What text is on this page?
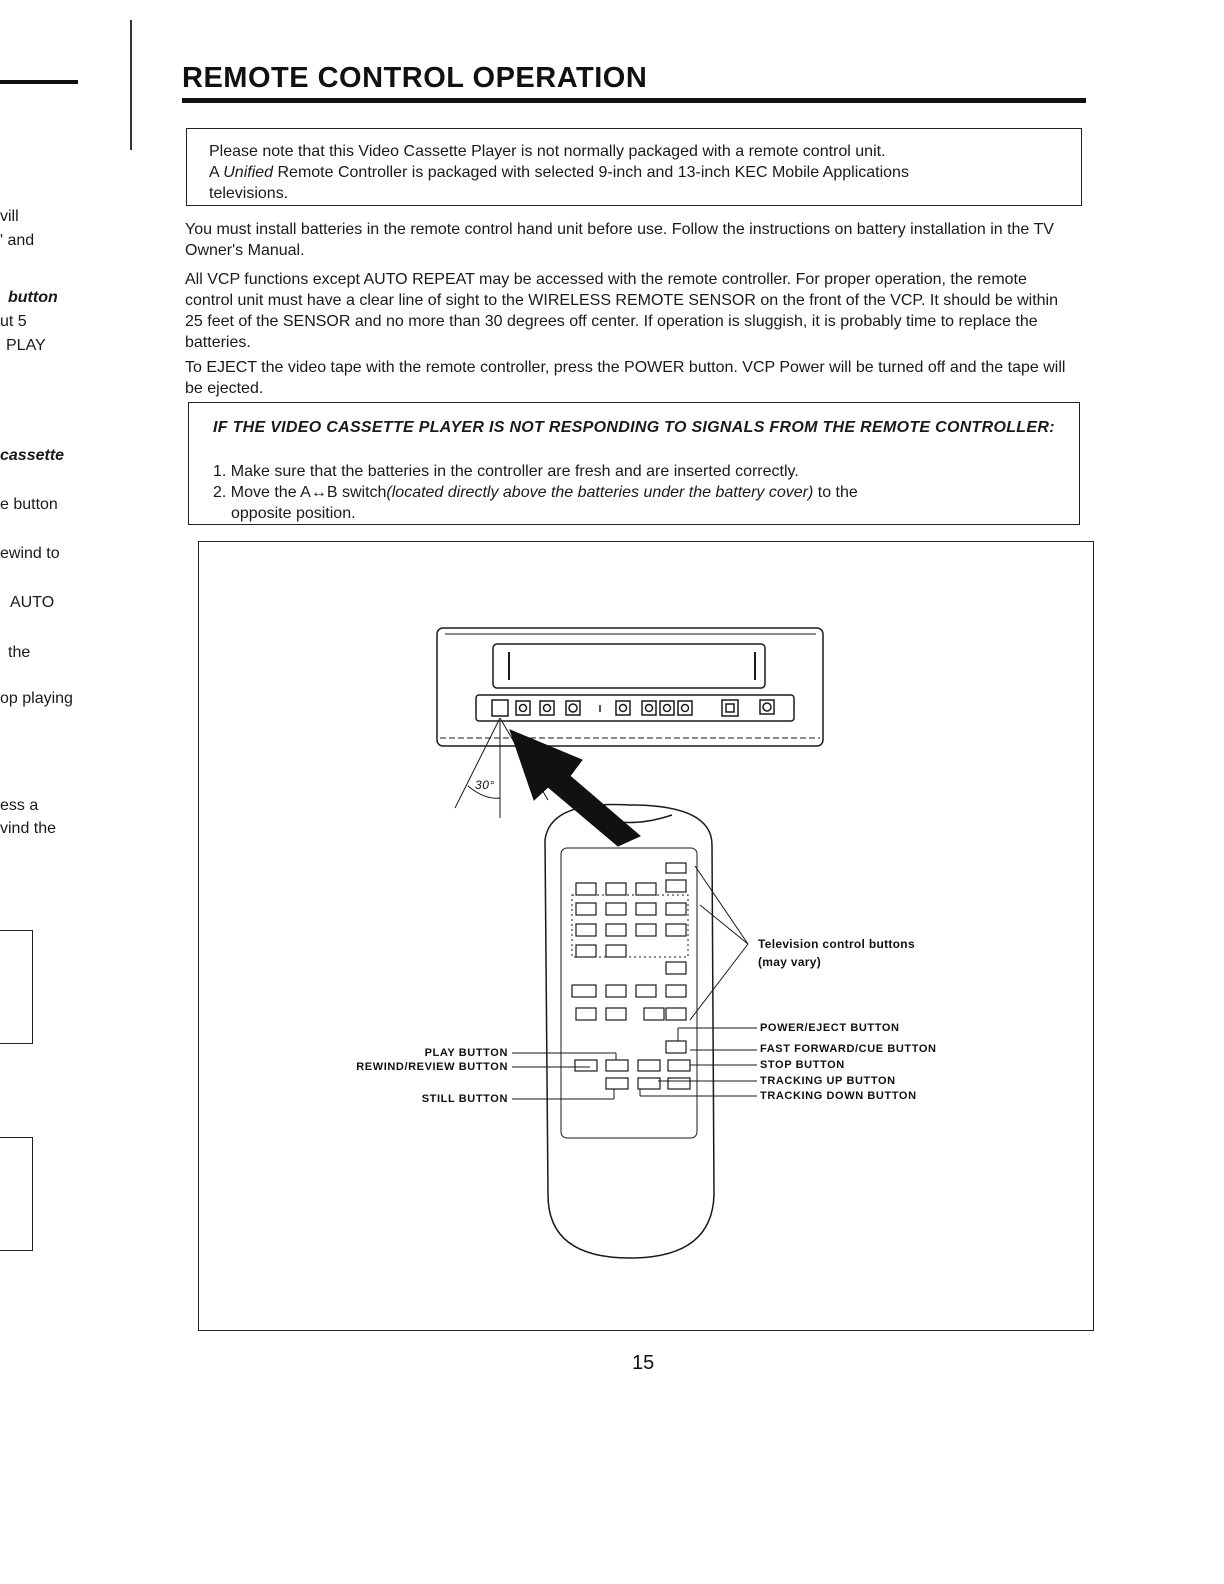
vill
' and
button
ut 5
PLAY
cassette
e button
ewind to
AUTO
the
op playing
ess a
vind the
REMOTE CONTROL OPERATION
Please note that this Video Cassette Player is not normally packaged with a remote control unit.
A Unified Remote Controller is packaged with selected 9-inch and 13-inch KEC Mobile Applications
televisions.
You must install batteries in the remote control hand unit before use. Follow the instructions on battery installation in the TV Owner's Manual.
All VCP functions except AUTO REPEAT may be accessed with the remote controller. For proper operation, the remote control unit must have a clear line of sight to the WIRELESS REMOTE SENSOR on the front of the VCP. It should be within 25 feet of the SENSOR and no more than 30 degrees off center. If operation is sluggish, it is probably time to replace the batteries.
To EJECT the video tape with the remote controller, press the POWER button. VCP Power will be turned off and the tape will be ejected.
IF THE VIDEO CASSETTE PLAYER IS NOT RESPONDING TO SIGNALS FROM THE REMOTE CONTROLLER:
1. Make sure that the batteries in the controller are fresh and are inserted correctly.
2. Move the A↔B switch(located directly above the batteries under the battery cover) to the
opposite position.
30°
Television control buttons
(may vary)
POWER/EJECT BUTTON
FAST FORWARD/CUE BUTTON
STOP BUTTON
TRACKING UP BUTTON
TRACKING DOWN BUTTON
PLAY BUTTON
REWIND/REVIEW BUTTON
STILL BUTTON
15
